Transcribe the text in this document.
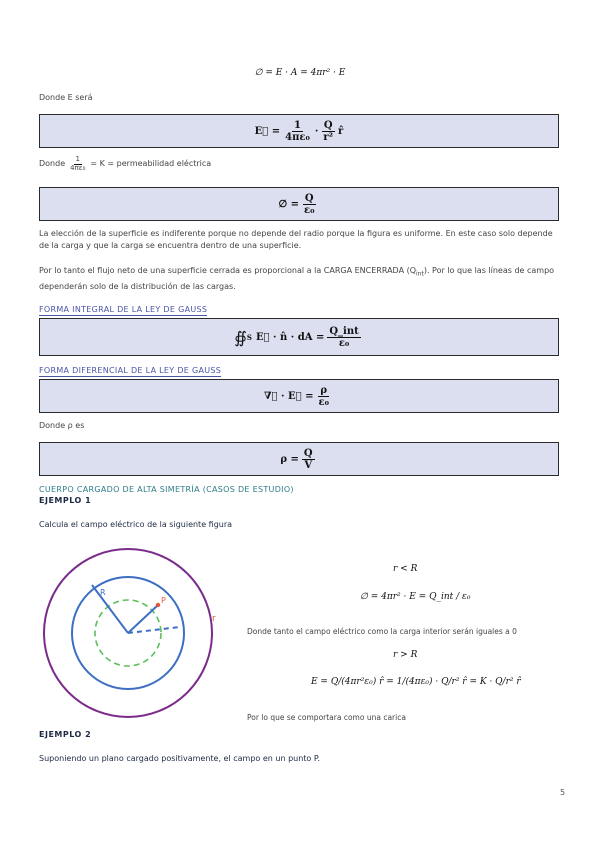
∅ = E · A = 4πr² · E
Donde E será
E⃗ = $\frac{1}{\text{4πε₀}} \cdot \frac{Q}{\text{r²}}$ r̂
Donde $\frac{1}{\text{4πε₀}} = K$ = permeabilidad eléctrica
∅ = $\frac{Q}{\text{ε₀}}$
La elección de la superficie es indiferente porque no depende del radio porque la figura es uniforme. En este caso solo depende de la carga y que la carga se encuentra dentro de una superficie.
Por lo tanto el flujo neto de una superficie cerrada es proporcional a la CARGA ENCERRADA $(Q_{int})$. Por lo que las líneas de campo dependerán solo de la distribución de las cargas.
FORMA INTEGRAL DE LA LEY DE GAUSS
∯ S E⃗ · n̂ · dA = $\frac{\text{Q\_int}}{\text{ε₀}}$
FORMA DIFERENCIAL DE LA LEY DE GAUSS
∇⃗ · E⃗ = $\frac{\rho}{\text{ε₀}}$
Donde ρ es
$\rho = \frac{Q}{V}$
CUERPO CARGADO DE ALTA SIMETRÍA (CASOS DE ESTUDIO)
EJEMPLO 1
Calcula el campo eléctrico de la siguiente figura
R
P
r
r < R
∅ = 4πr² · E = Q_int / ε₀
Donde tanto el campo eléctrico como la carga interior serán iguales a 0
r > R
E = Q/(4πr²ε₀) r̂ = 1/(4πε₀) · Q/r² r̂ = K · Q/r² r̂
Por lo que se comportara como una carica
EJEMPLO 2
Suponiendo un plano cargado positivamente, el campo en un punto P.
5
